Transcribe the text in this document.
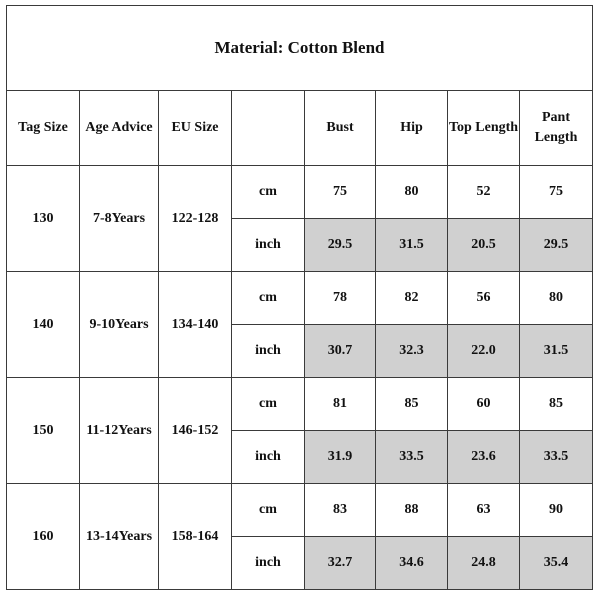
Material: Cotton Blend							
Tag Size	Age Advice	EU Size		Bust	Hip	Top Length	Pant Length
130	7-8Years	122-128	cm	75	80	52	75
			inch	29.5	31.5	20.5	29.5
140	9-10Years	134-140	cm	78	82	56	80
			inch	30.7	32.3	22.0	31.5
150	11-12Years	146-152	cm	81	85	60	85
			inch	31.9	33.5	23.6	33.5
160	13-14Years	158-164	cm	83	88	63	90
			inch	32.7	34.6	24.8	35.4
